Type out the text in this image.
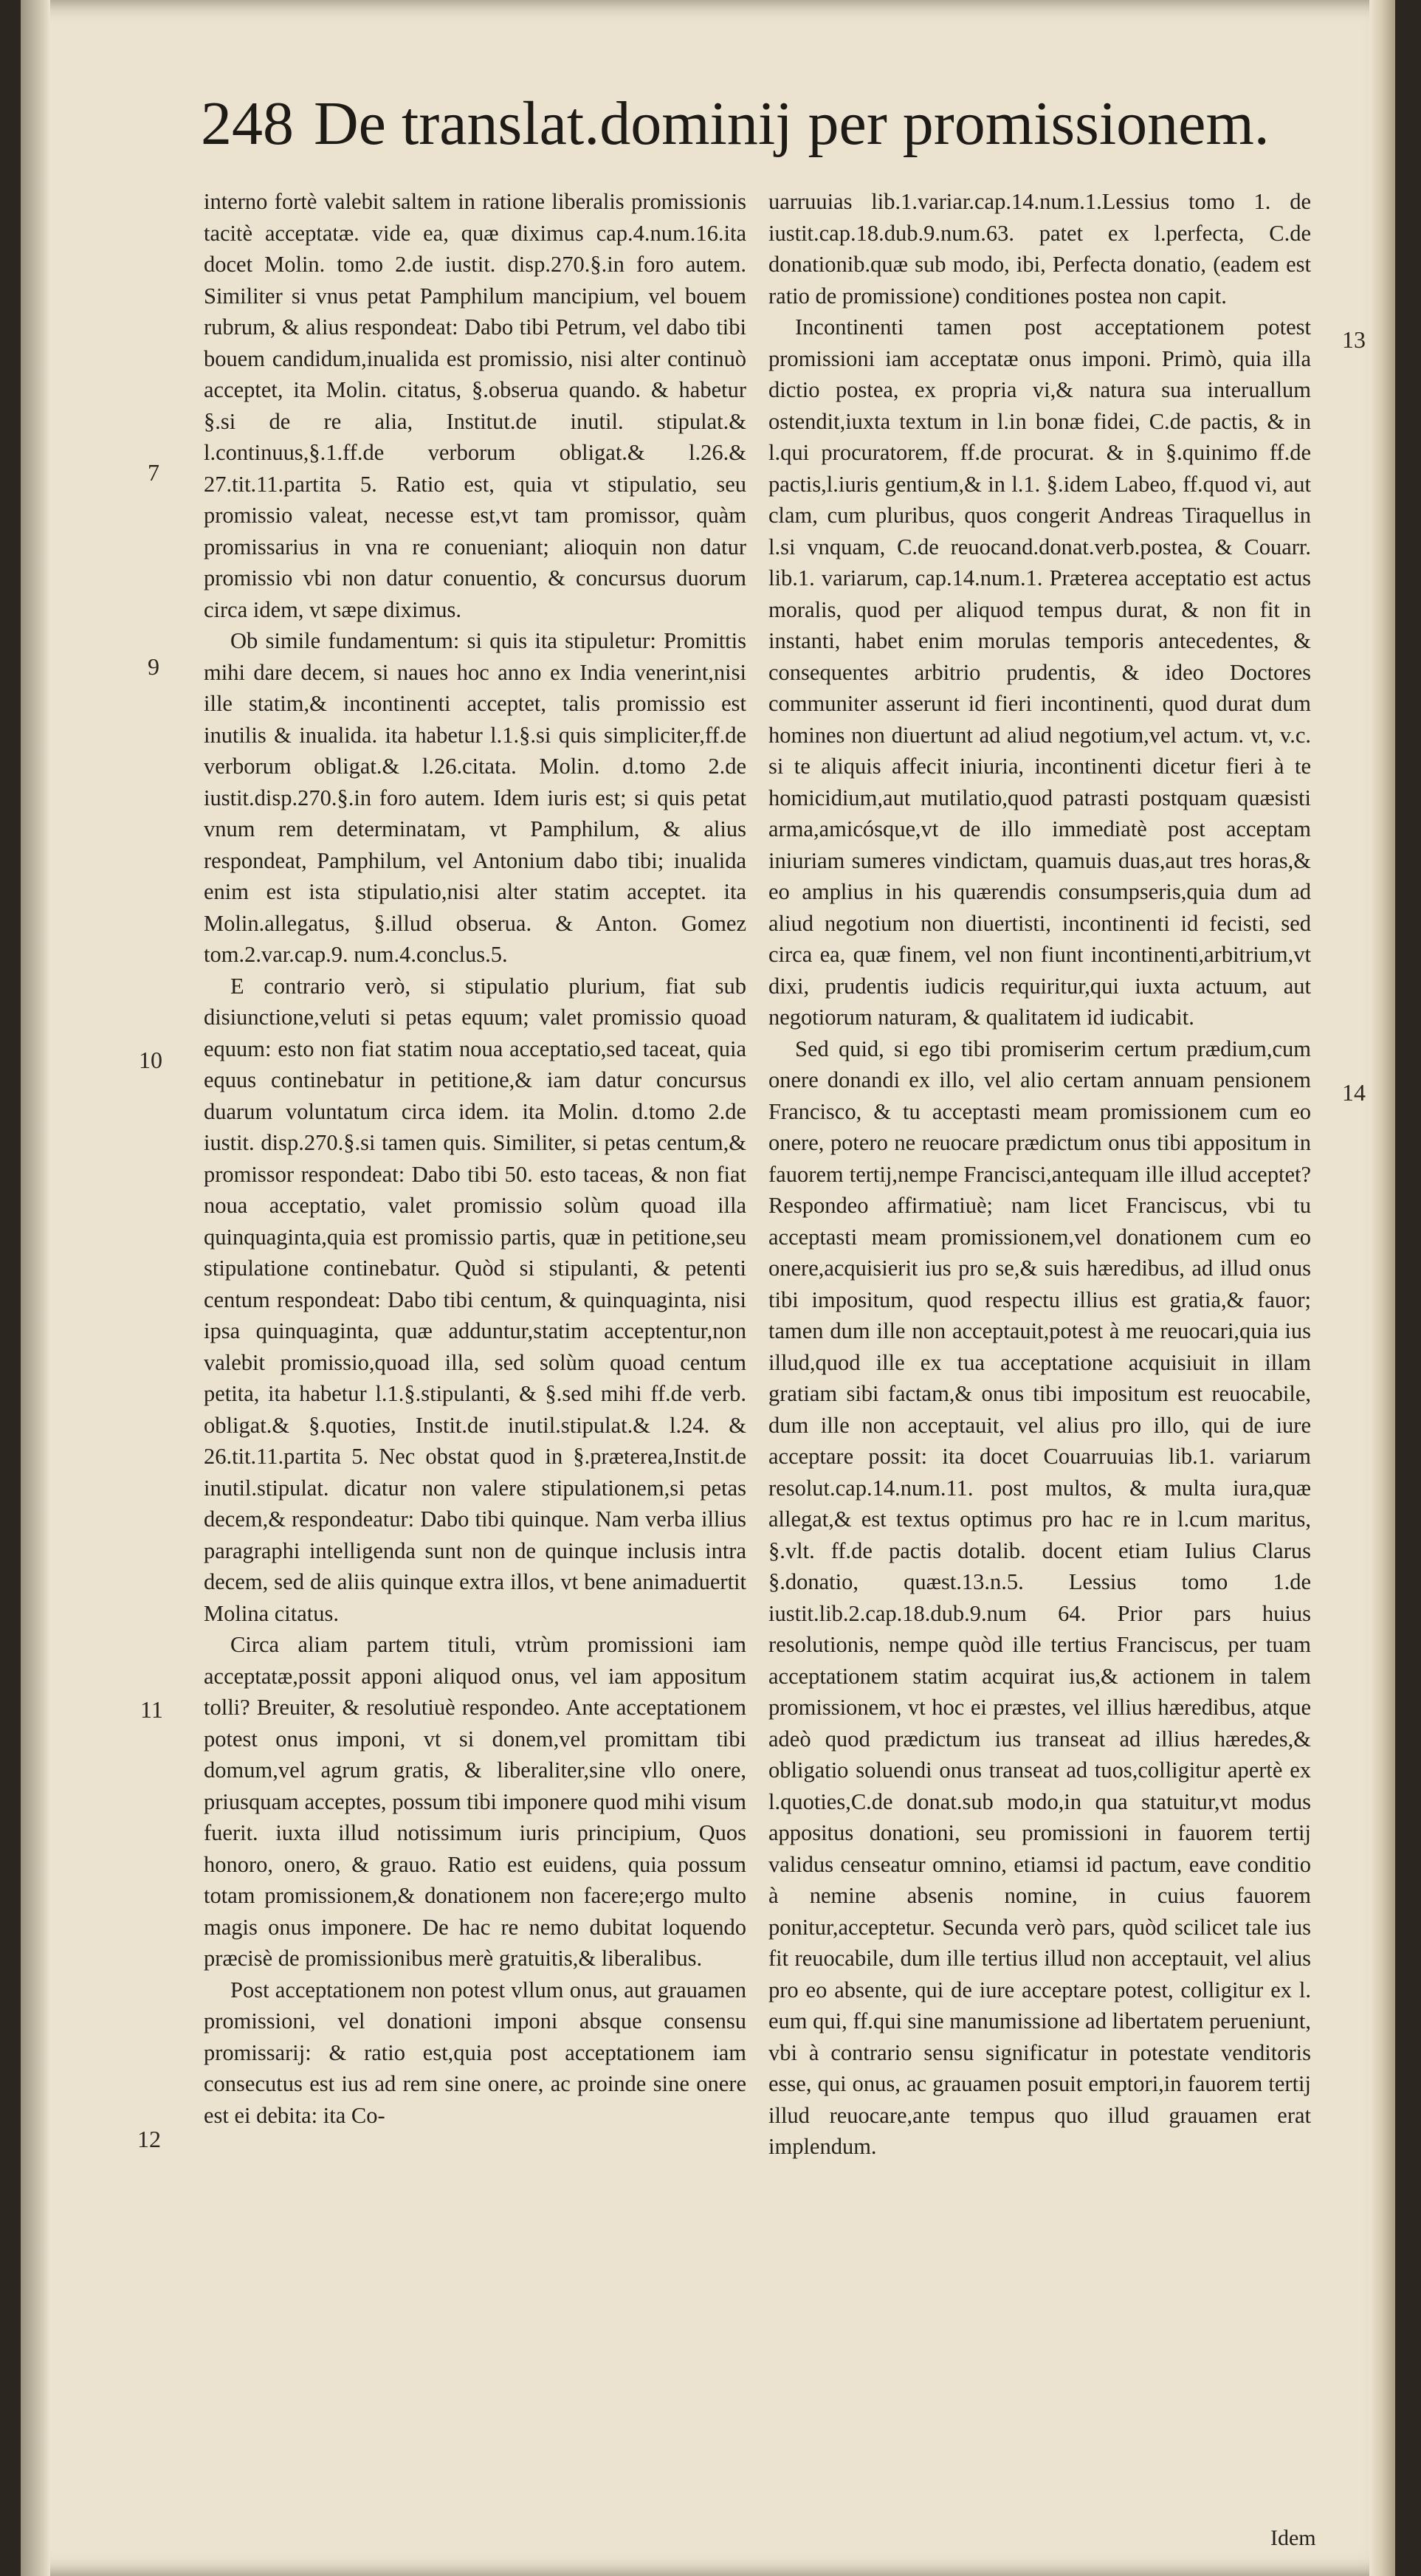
248 De translat.dominij per promissionem.

interno fortè valebit saltem in ratione liberalis promissionis tacitè acceptatæ. vide ea, quæ diximus cap.4.num.16.ita docet Molin. tomo 2.de iustit. disp.270.§.in foro autem. Similiter si vnus petat Pamphilum mancipium, vel bouem rubrum, & alius respondeat: Dabo tibi Petrum, vel dabo tibi bouem candidum,inualida est promissio, nisi alter continuò acceptet, ita Molin. citatus, §.obserua quando. & habetur §.si de re alia, Institut.de inutil. stipulat.& l.continuus,§.1.ff.de verborum obligat.& l.26.& 27.tit.11.partita 5. Ratio est, quia vt stipulatio, seu promissio valeat, necesse est,vt tam promissor, quàm promissarius in vna re conueniant; alioquin non datur promissio vbi non datur conuentio, & concursus duorum circa idem, vt sæpe diximus.

Ob simile fundamentum: si quis ita stipuletur: Promittis mihi dare decem, si naues hoc anno ex India venerint,nisi ille statim,& incontinenti acceptet, talis promissio est inutilis & inualida. ita habetur l.1.§.si quis simpliciter,ff.de verborum obligat.& l.26.citata. Molin. d.tomo 2.de iustit.disp.270.§.in foro autem. Idem iuris est; si quis petat vnum rem determinatam, vt Pamphilum, & alius respondeat, Pamphilum, vel Antonium dabo tibi; inualida enim est ista stipulatio,nisi alter statim acceptet. ita Molin.allegatus, §.illud obserua. & Anton. Gomez tom.2.var.cap.9. num.4.conclus.5.

E contrario verò, si stipulatio plurium, fiat sub disiunctione,veluti si petas equum; valet promissio quoad equum: esto non fiat statim noua acceptatio,sed taceat, quia equus continebatur in petitione,& iam datur concursus duarum voluntatum circa idem. ita Molin. d.tomo 2.de iustit. disp.270.§.si tamen quis. Similiter, si petas centum,& promissor respondeat: Dabo tibi 50. esto taceas, & non fiat noua acceptatio, valet promissio solùm quoad illa quinquaginta,quia est promissio partis, quæ in petitione,seu stipulatione continebatur. Quòd si stipulanti, & petenti centum respondeat: Dabo tibi centum, & quinquaginta, nisi ipsa quinquaginta, quæ adduntur,statim acceptentur,non valebit promissio,quoad illa, sed solùm quoad centum petita, ita habetur l.1.§.stipulanti, & §.sed mihi ff.de verb. obligat.& §.quoties, Instit.de inutil.stipulat.& l.24. & 26.tit.11.partita 5. Nec obstat quod in §.præterea,Instit.de inutil.stipulat. dicatur non valere stipulationem,si petas decem,& respondeatur: Dabo tibi quinque. Nam verba illius paragraphi intelligenda sunt non de quinque inclusis intra decem, sed de aliis quinque extra illos, vt bene animaduertit Molina citatus.

Circa aliam partem tituli, vtrùm promissioni iam acceptatæ,possit apponi aliquod onus, vel iam appositum tolli? Breuiter, & resolutiuè respondeo. Ante acceptationem potest onus imponi, vt si donem,vel promittam tibi domum,vel agrum gratis, & liberaliter,sine vllo onere, priusquam acceptes, possum tibi imponere quod mihi visum fuerit. iuxta illud notissimum iuris principium, Quos honoro, onero, & grauo. Ratio est euidens, quia possum totam promissionem,& donationem non facere;ergo multo magis onus imponere. De hac re nemo dubitat loquendo præcisè de promissionibus merè gratuitis,& liberalibus.

Post acceptationem non potest vllum onus, aut grauamen promissioni, vel donationi imponi absque consensu promissarij: & ratio est,quia post acceptationem iam consecutus est ius ad rem sine onere, ac proinde sine onere est ei debita: ita Co-

uarruuias lib.1.variar.cap.14.num.1.Lessius tomo 1. de iustit.cap.18.dub.9.num.63. patet ex l.perfecta, C.de donationib.quæ sub modo, ibi, Perfecta donatio, (eadem est ratio de promissione) conditiones postea non capit.

Incontinenti tamen post acceptationem potest promissioni iam acceptatæ onus imponi. Primò, quia illa dictio postea, ex propria vi,& natura sua interuallum ostendit,iuxta textum in l.in bonæ fidei, C.de pactis, & in l.qui procuratorem, ff.de procurat. & in §.quinimo ff.de pactis,l.iuris gentium,& in l.1. §.idem Labeo, ff.quod vi, aut clam, cum pluribus, quos congerit Andreas Tiraquellus in l.si vnquam, C.de reuocand.donat.verb.postea, & Couarr. lib.1. variarum, cap.14.num.1. Præterea acceptatio est actus moralis, quod per aliquod tempus durat, & non fit in instanti, habet enim morulas temporis antecedentes, & consequentes arbitrio prudentis, & ideo Doctores communiter asserunt id fieri incontinenti, quod durat dum homines non diuertunt ad aliud negotium,vel actum. vt, v.c. si te aliquis affecit iniuria, incontinenti dicetur fieri à te homicidium,aut mutilatio,quod patrasti postquam quæsisti arma,amicósque,vt de illo immediatè post acceptam iniuriam sumeres vindictam, quamuis duas,aut tres horas,& eo amplius in his quærendis consumpseris,quia dum ad aliud negotium non diuertisti, incontinenti id fecisti, sed circa ea, quæ finem, vel non fiunt incontinenti,arbitrium,vt dixi, prudentis iudicis requiritur,qui iuxta actuum, aut negotiorum naturam, & qualitatem id iudicabit.

Sed quid, si ego tibi promiserim certum prædium,cum onere donandi ex illo, vel alio certam annuam pensionem Francisco, & tu acceptasti meam promissionem cum eo onere, potero ne reuocare prædictum onus tibi appositum in fauorem tertij,nempe Francisci,antequam ille illud acceptet? Respondeo affirmatiuè; nam licet Franciscus, vbi tu acceptasti meam promissionem,vel donationem cum eo onere,acquisierit ius pro se,& suis hæredibus, ad illud onus tibi impositum, quod respectu illius est gratia,& fauor; tamen dum ille non acceptauit,potest à me reuocari,quia ius illud,quod ille ex tua acceptatione acquisiuit in illam gratiam sibi factam,& onus tibi impositum est reuocabile, dum ille non acceptauit, vel alius pro illo, qui de iure acceptare possit: ita docet Couarruuias lib.1. variarum resolut.cap.14.num.11. post multos, & multa iura,quæ allegat,& est textus optimus pro hac re in l.cum maritus, §.vlt. ff.de pactis dotalib. docent etiam Iulius Clarus §.donatio, quæst.13.n.5. Lessius tomo 1.de iustit.lib.2.cap.18.dub.9.num 64. Prior pars huius resolutionis, nempe quòd ille tertius Franciscus, per tuam acceptationem statim acquirat ius,& actionem in talem promissionem, vt hoc ei præstes, vel illius hæredibus, atque adeò quod prædictum ius transeat ad illius hæredes,& obligatio soluendi onus transeat ad tuos,colligitur apertè ex l.quoties,C.de donat.sub modo,in qua statuitur,vt modus appositus donationi, seu promissioni in fauorem tertij validus censeatur omnino, etiamsi id pactum, eave conditio à nemine absenis nomine, in cuius fauorem ponitur,acceptetur. Secunda verò pars, quòd scilicet tale ius fit reuocabile, dum ille tertius illud non acceptauit, vel alius pro eo absente, qui de iure acceptare potest, colligitur ex l. eum qui, ff.qui sine manumissione ad libertatem perueniunt, vbi à contrario sensu significatur in potestate venditoris esse, qui onus, ac grauamen posuit emptori,in fauorem tertij illud reuocare,ante tempus quo illud grauamen erat implendum.

7
9
10
11
12
13
14
Idem
